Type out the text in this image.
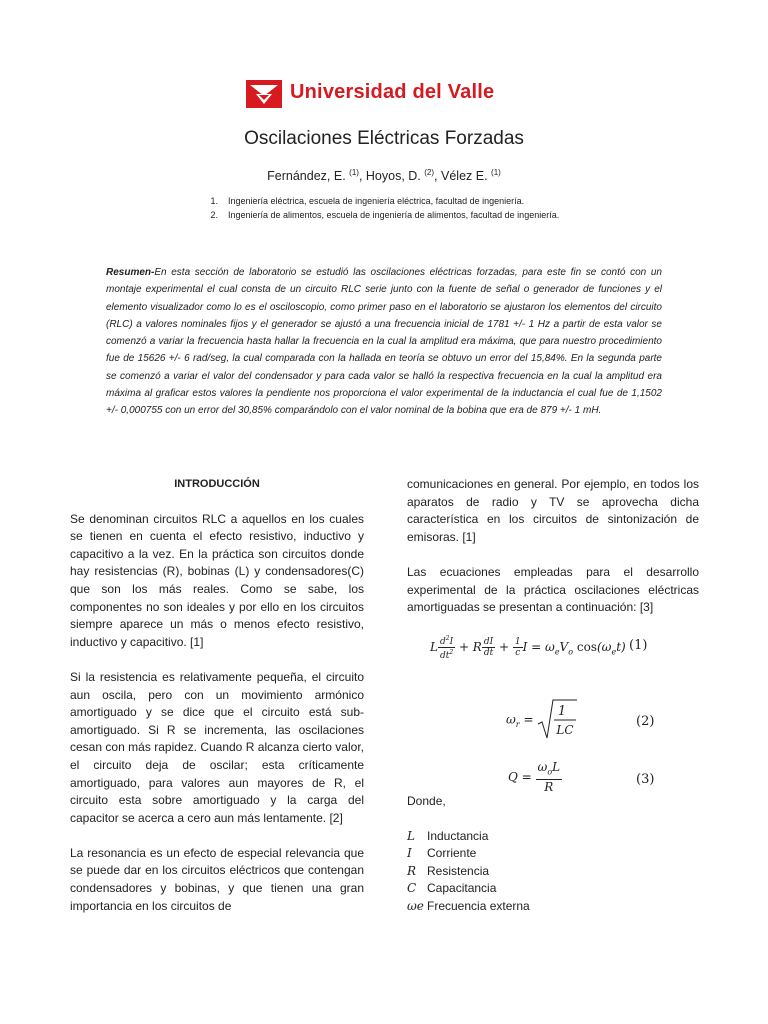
Universidad del Valle
Oscilaciones Eléctricas Forzadas
Fernández, E. $^{(1)}$, Hoyos, D. $^{(2)}$, Vélez E. $^{(1)}$
1. Ingeniería eléctrica, escuela de ingeniería eléctrica, facultad de ingeniería.
2. Ingeniería de alimentos, escuela de ingeniería de alimentos, facultad de ingeniería.
Resumen-En esta sección de laboratorio se estudió las oscilaciones eléctricas forzadas, para este fin se contó con un montaje experimental el cual consta de un circuito RLC serie junto con la fuente de señal o generador de funciones y el elemento visualizador como lo es el osciloscopio, como primer paso en el laboratorio se ajustaron los elementos del circuito (RLC) a valores nominales fijos y el generador se ajustó a una frecuencia inicial de 1781 +/- 1 Hz a partir de esta valor se comenzó a variar la frecuencia hasta hallar la frecuencia en la cual la amplitud era máxima, que para nuestro procedimiento fue de 15626 +/- 6 rad/seg, la cual comparada con la hallada en teoría se obtuvo un error del 15,84%. En la segunda parte se comenzó a variar el valor del condensador y para cada valor se halló la respectiva frecuencia en la cual la amplitud era máxima al graficar estos valores la pendiente nos proporciona el valor experimental de la inductancia el cual fue de 1,1502 +/- 0,000755 con un error del 30,85% comparándolo con el valor nominal de la bobina que era de 879 +/- 1 mH.

INTRODUCCIÓN

Se denominan circuitos RLC a aquellos en los cuales se tienen en cuenta el efecto resistivo, inductivo y capacitivo a la vez. En la práctica son circuitos donde hay resistencias (R), bobinas (L) y condensadores(C) que son los más reales. Como se sabe, los componentes no son ideales y por ello en los circuitos siempre aparece un más o menos efecto resistivo, inductivo y capacitivo. [1]

Si la resistencia es relativamente pequeña, el circuito aun oscila, pero con un movimiento armónico amortiguado y se dice que el circuito está sub-amortiguado. Si R se incrementa, las oscilaciones cesan con más rapidez. Cuando R alcanza cierto valor, el circuito deja de oscilar; esta críticamente amortiguado, para valores aun mayores de R, el circuito esta sobre amortiguado y la carga del capacitor se acerca a cero aun más lentamente. [2]

La resonancia es un efecto de especial relevancia que se puede dar en los circuitos eléctricos que contengan condensadores y bobinas, y que tienen una gran importancia en los circuitos de

comunicaciones en general. Por ejemplo, en todos los aparatos de radio y TV se aprovecha dicha característica en los circuitos de sintonización de emisoras. [1]

Las ecuaciones empleadas para el desarrollo experimental de la práctica oscilaciones eléctricas amortiguadas se presentan a continuación: [3]

L $\frac{d^2I}{dt^2} + R \frac{dI}{dt} + \frac{1}{c}$ $I = \omega_eV_o$ $\cos(\omega_et)$ (1)
$\omega_r$ =
1
LC
(2)
$Q = \frac{\omega_oL}{R}$	(3)
Donde,
L Inductancia
I Corriente
R Resistencia
C Capacitancia
ωe Frecuencia externa
